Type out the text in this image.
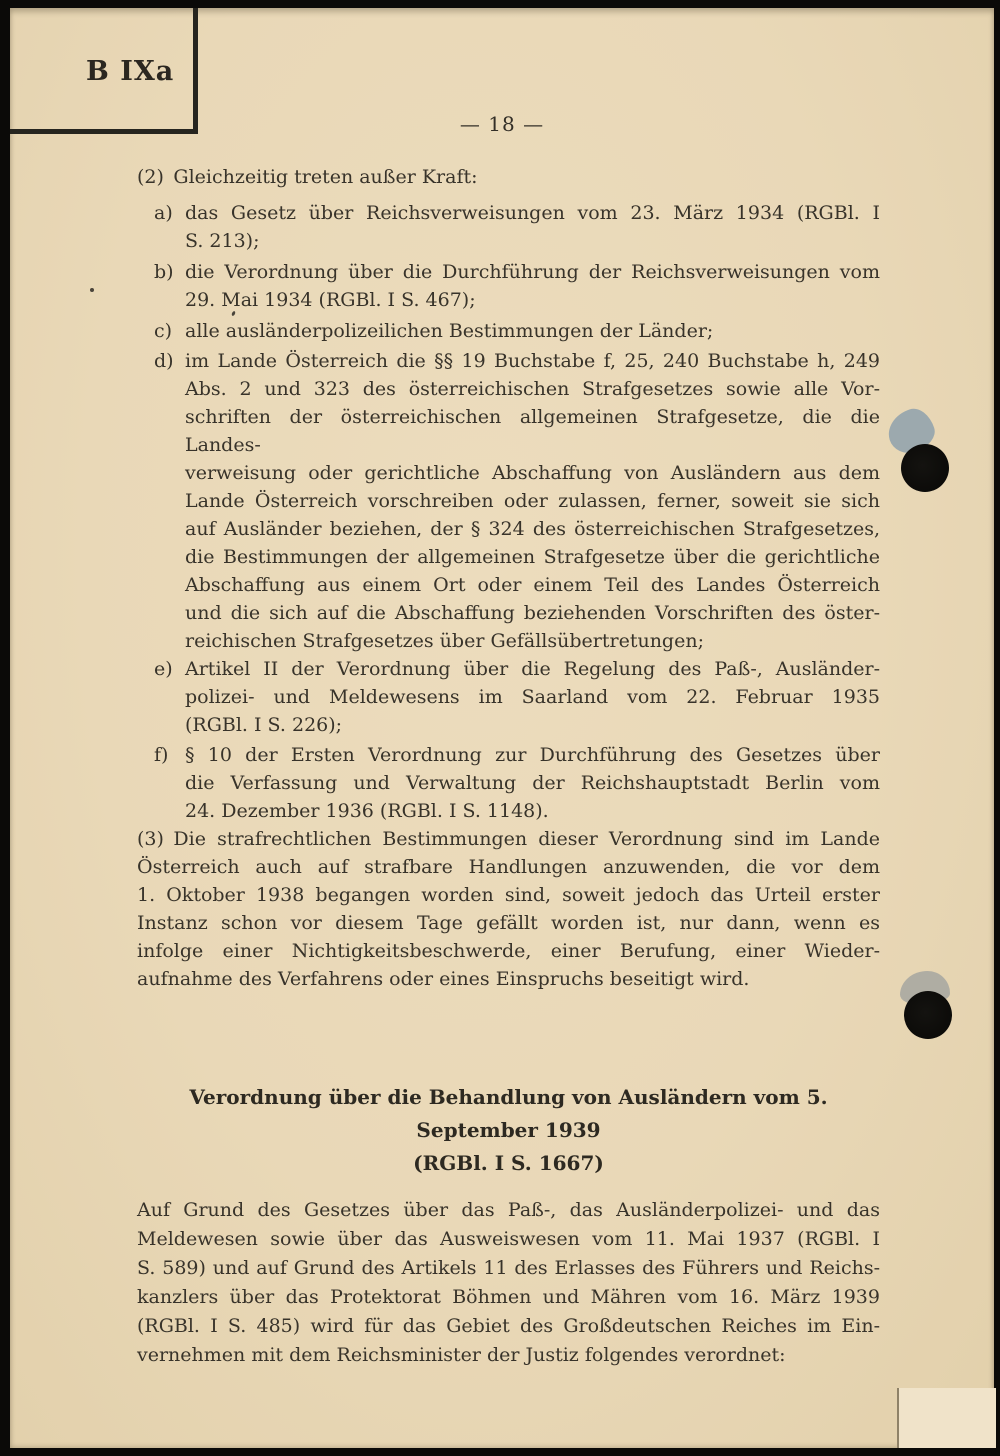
B IXa
— 18 —
(2) Gleichzeitig treten außer Kraft:
a) das Gesetz über Reichsverweisungen vom 23. März 1934 (RGBl. I
S. 213);
b) die Verordnung über die Durchführung der Reichsverweisungen vom
29. Mai 1934 (RGBl. I S. 467);
c) alle ausländerpolizeilichen Bestimmungen der Länder;
d) im Lande Österreich die §§ 19 Buchstabe f, 25, 240 Buchstabe h, 249
Abs. 2 und 323 des österreichischen Strafgesetzes sowie alle Vor-
schriften der österreichischen allgemeinen Strafgesetze, die die Landes-
verweisung oder gerichtliche Abschaffung von Ausländern aus dem
Lande Österreich vorschreiben oder zulassen, ferner, soweit sie sich
auf Ausländer beziehen, der § 324 des österreichischen Strafgesetzes,
die Bestimmungen der allgemeinen Strafgesetze über die gerichtliche
Abschaffung aus einem Ort oder einem Teil des Landes Österreich
und die sich auf die Abschaffung beziehenden Vorschriften des öster-
reichischen Strafgesetzes über Gefällsübertretungen;
e) Artikel II der Verordnung über die Regelung des Paß-, Ausländer-
polizei- und Meldewesens im Saarland vom 22. Februar 1935
(RGBl. I S. 226);
f) § 10 der Ersten Verordnung zur Durchführung des Gesetzes über
die Verfassung und Verwaltung der Reichshauptstadt Berlin vom
24. Dezember 1936 (RGBl. I S. 1148).
(3) Die strafrechtlichen Bestimmungen dieser Verordnung sind im Lande
Österreich auch auf strafbare Handlungen anzuwenden, die vor dem
1. Oktober 1938 begangen worden sind, soweit jedoch das Urteil erster
Instanz schon vor diesem Tage gefällt worden ist, nur dann, wenn es
infolge einer Nichtigkeitsbeschwerde, einer Berufung, einer Wieder-
aufnahme des Verfahrens oder eines Einspruchs beseitigt wird.
Verordnung über die Behandlung von Ausländern vom 5. September 1939
(RGBl. I S. 1667)
Auf Grund des Gesetzes über das Paß-, das Ausländerpolizei- und das
Meldewesen sowie über das Ausweiswesen vom 11. Mai 1937 (RGBl. I
S. 589) und auf Grund des Artikels 11 des Erlasses des Führers und Reichs-
kanzlers über das Protektorat Böhmen und Mähren vom 16. März 1939
(RGBl. I S. 485) wird für das Gebiet des Großdeutschen Reiches im Ein-
vernehmen mit dem Reichsminister der Justiz folgendes verordnet:
